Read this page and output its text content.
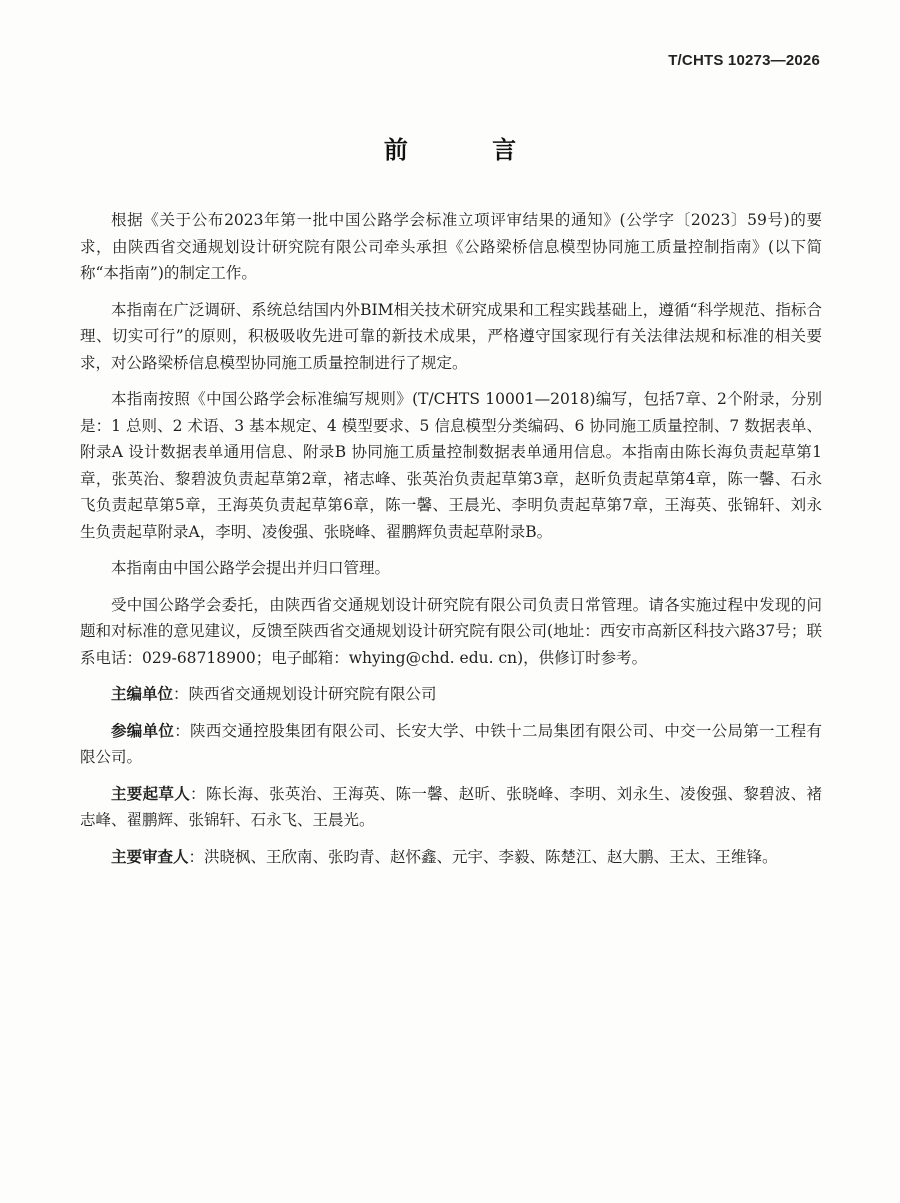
T/CHTS 10273—2026
前 言

根据《关于公布2023年第一批中国公路学会标准立项评审结果的通知》(公学字〔2023〕59号)的要求，由陕西省交通规划设计研究院有限公司牵头承担《公路梁桥信息模型协同施工质量控制指南》(以下简称“本指南”)的制定工作。

本指南在广泛调研、系统总结国内外BIM相关技术研究成果和工程实践基础上，遵循“科学规范、指标合理、切实可行”的原则，积极吸收先进可靠的新技术成果，严格遵守国家现行有关法律法规和标准的相关要求，对公路梁桥信息模型协同施工质量控制进行了规定。

本指南按照《中国公路学会标准编写规则》(T/CHTS 10001—2018)编写，包括7章、2个附录，分别是：1 总则、2 术语、3 基本规定、4 模型要求、5 信息模型分类编码、6 协同施工质量控制、7 数据表单、附录A 设计数据表单通用信息、附录B 协同施工质量控制数据表单通用信息。本指南由陈长海负责起草第1章，张英治、黎碧波负责起草第2章，褚志峰、张英治负责起草第3章，赵昕负责起草第4章，陈一馨、石永飞负责起草第5章，王海英负责起草第6章，陈一馨、王晨光、李明负责起草第7章，王海英、张锦轩、刘永生负责起草附录A，李明、凌俊强、张晓峰、翟鹏辉负责起草附录B。

本指南由中国公路学会提出并归口管理。

受中国公路学会委托，由陕西省交通规划设计研究院有限公司负责日常管理。请各实施过程中发现的问题和对标准的意见建议，反馈至陕西省交通规划设计研究院有限公司(地址：西安市高新区科技六路37号；联系电话：029-68718900；电子邮箱：whying@chd. edu. cn)，供修订时参考。

主编单位：陕西省交通规划设计研究院有限公司

参编单位：陕西交通控股集团有限公司、长安大学、中铁十二局集团有限公司、中交一公局第一工程有限公司。

主要起草人：陈长海、张英治、王海英、陈一馨、赵昕、张晓峰、李明、刘永生、凌俊强、黎碧波、褚志峰、翟鹏辉、张锦轩、石永飞、王晨光。

主要审查人：洪晓枫、王欣南、张昀青、赵怀鑫、元宇、李毅、陈楚江、赵大鹏、王太、王维锋。
